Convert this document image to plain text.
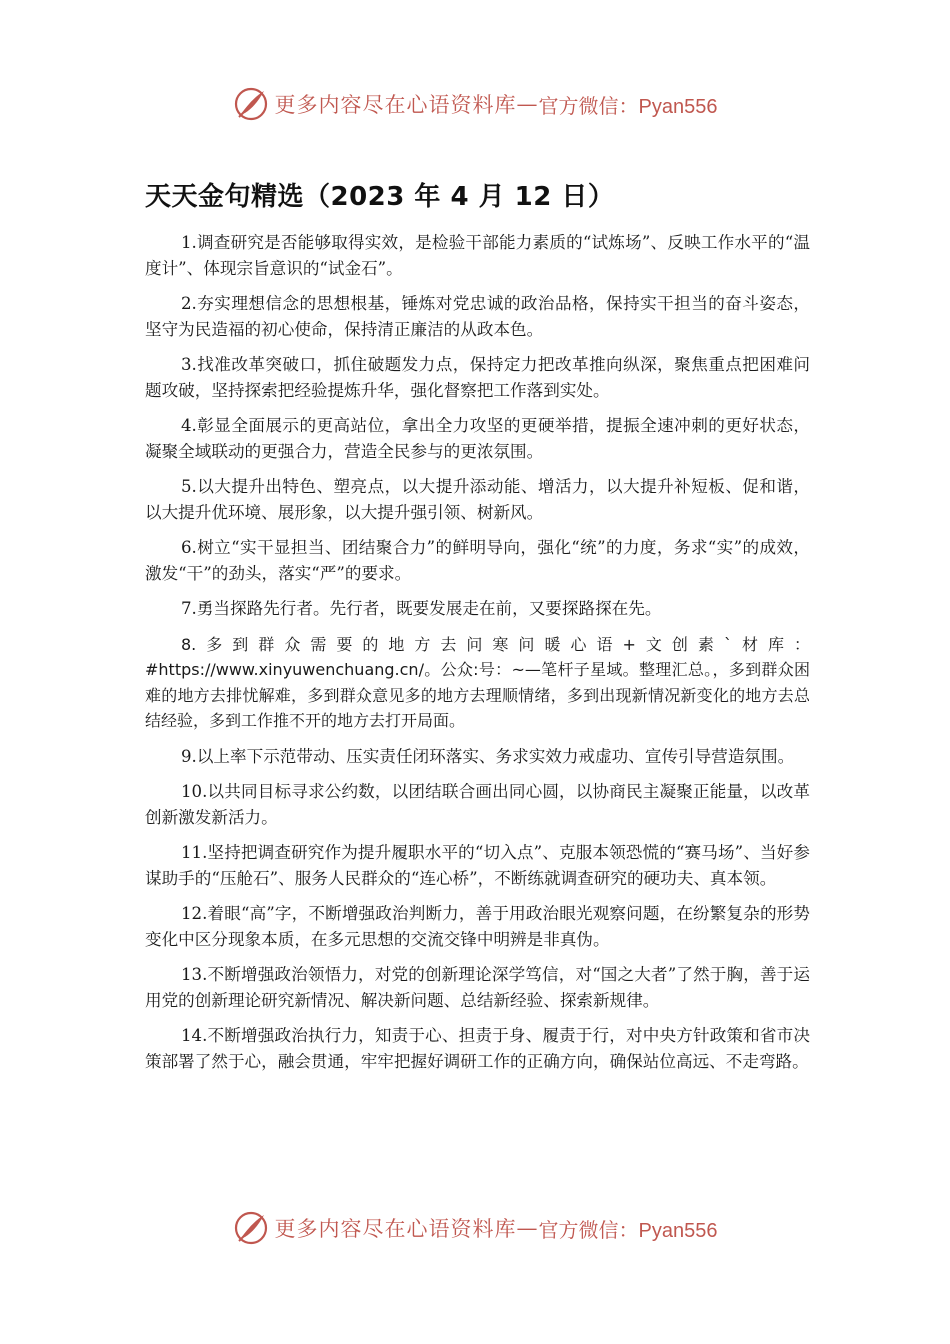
更多内容尽在心语资料库 — 官方微信：Pyan556
天天金句精选（2023 年 4 月 12 日）

1.调查研究是否能够取得实效，是检验干部能力素质的“试炼场”、反映工作水平的“温度计”、体现宗旨意识的“试金石”。

2.夯实理想信念的思想根基，锤炼对党忠诚的政治品格，保持实干担当的奋斗姿态，坚守为民造福的初心使命，保持清正廉洁的从政本色。

3.找准改革突破口，抓住破题发力点，保持定力把改革推向纵深，聚焦重点把困难问题攻破，坚持探索把经验提炼升华，强化督察把工作落到实处。

4.彰显全面展示的更高站位，拿出全力攻坚的更硬举措，提振全速冲刺的更好状态，凝聚全域联动的更强合力，营造全民参与的更浓氛围。

5.以大提升出特色、塑亮点，以大提升添动能、增活力，以大提升补短板、促和谐，以大提升优环境、展形象，以大提升强引领、树新风。

6.树立“实干显担当、团结聚合力”的鲜明导向，强化“统”的力度，务求“实”的成效，激发“干”的劲头，落实“严”的要求。

7.勇当探路先行者。先行者，既要发展走在前，又要探路探在先。

8.多到群众需要的地方去问寒问暖心语+文创素`材库：#https://www.xinyuwenchuang.cn/。公众:号：~—笔杆子星域。整理汇总。，多到群众困难的地方去排忧解难，多到群众意见多的地方去理顺情绪，多到出现新情况新变化的地方去总结经验，多到工作推不开的地方去打开局面。

9.以上率下示范带动、压实责任闭环落实、务求实效力戒虚功、宣传引导营造氛围。

10.以共同目标寻求公约数，以团结联合画出同心圆，以协商民主凝聚正能量，以改革创新激发新活力。

11.坚持把调查研究作为提升履职水平的“切入点”、克服本领恐慌的“赛马场”、当好参谋助手的“压舱石”、服务人民群众的“连心桥”，不断练就调查研究的硬功夫、真本领。

12.着眼“高”字，不断增强政治判断力，善于用政治眼光观察问题，在纷繁复杂的形势变化中区分现象本质，在多元思想的交流交锋中明辨是非真伪。

13.不断增强政治领悟力，对党的创新理论深学笃信，对“国之大者”了然于胸，善于运用党的创新理论研究新情况、解决新问题、总结新经验、探索新规律。

14.不断增强政治执行力，知责于心、担责于身、履责于行，对中央方针政策和省市决策部署了然于心，融会贯通，牢牢把握好调研工作的正确方向，确保站位高远、不走弯路。

更多内容尽在心语资料库 — 官方微信：Pyan556
